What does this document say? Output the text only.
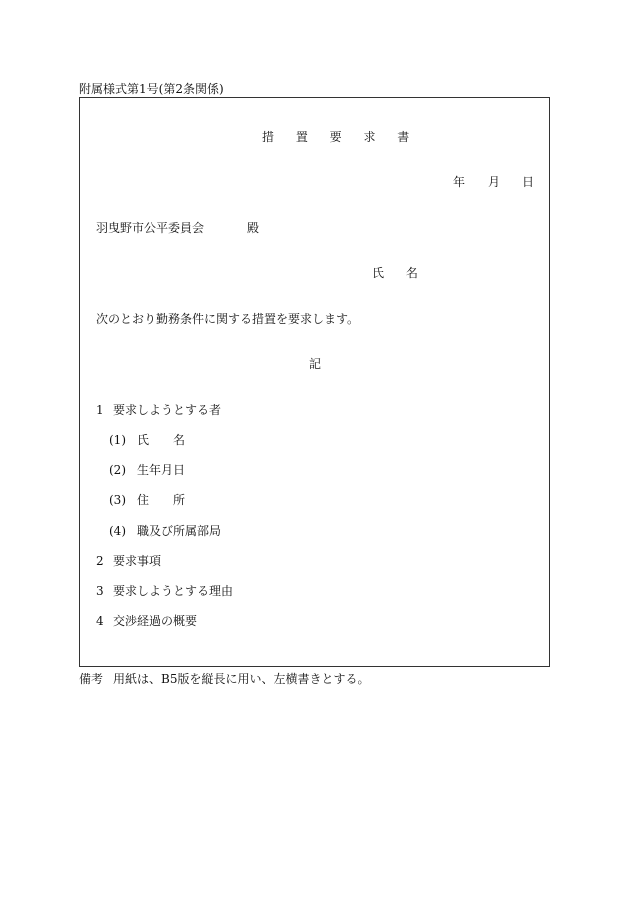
附属様式第1号(第2条関係)
措 置 要 求 書
年 月 日
羽曳野市公平委員会	殿
氏 名
次のとおり勤務条件に関する措置を要求します。
記
1 要求しようとする者
(1) 氏　　名
(2) 生年月日
(3) 住　　所
(4) 職及び所属部局
2 要求事項
3 要求しようとする理由
4 交渉経過の概要
備考 用紙は、B5版を縦長に用い、左横書きとする。
